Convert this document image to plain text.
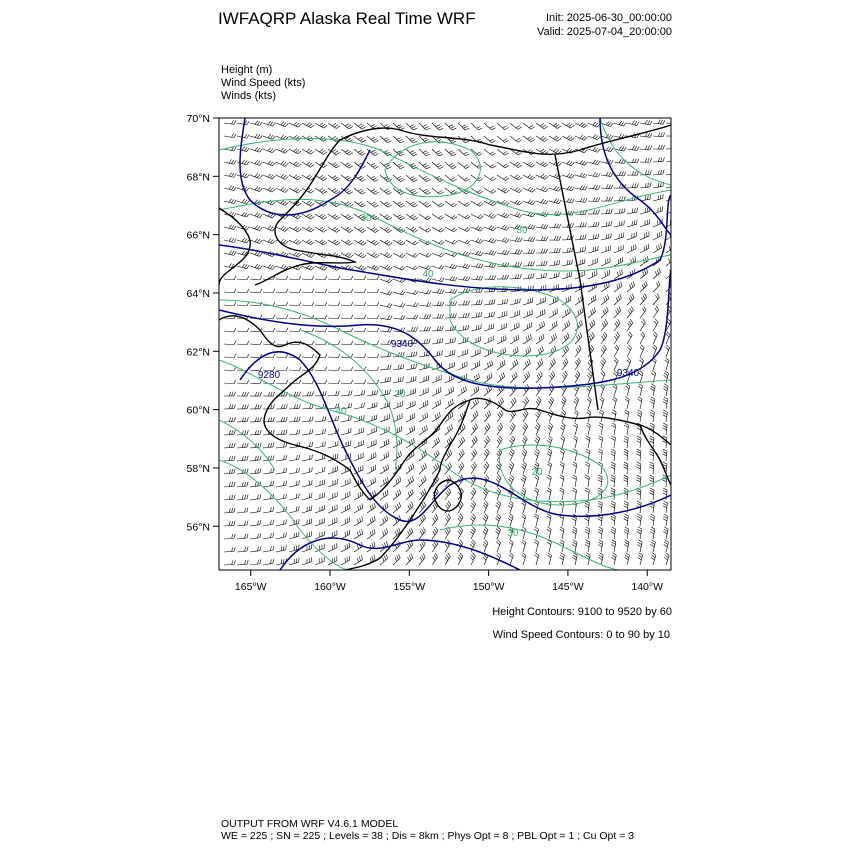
IWFAQRP Alaska Real Time WRF	Init: 2025-06-30_00:00:00
Valid: 2025-07-04_20:00:00
Height (m)
Wind Speed (kts)
Winds (kts)
165°W	160°W	155°W	150°W	145°W	140°W
70°N
68°N
66°N
64°N
62°N
60°N
58°N
56°N
9340
9280	9340
30
40
30
40
20
30
20
Height Contours: 9100 to 9520 by 60
Wind Speed Contours: 0 to 90 by 10
OUTPUT FROM WRF V4.6.1 MODEL
WE = 225 ; SN = 225 ; Levels = 38 ; Dis = 8km ; Phys Opt = 8 ; PBL Opt = 1 ; Cu Opt = 3
